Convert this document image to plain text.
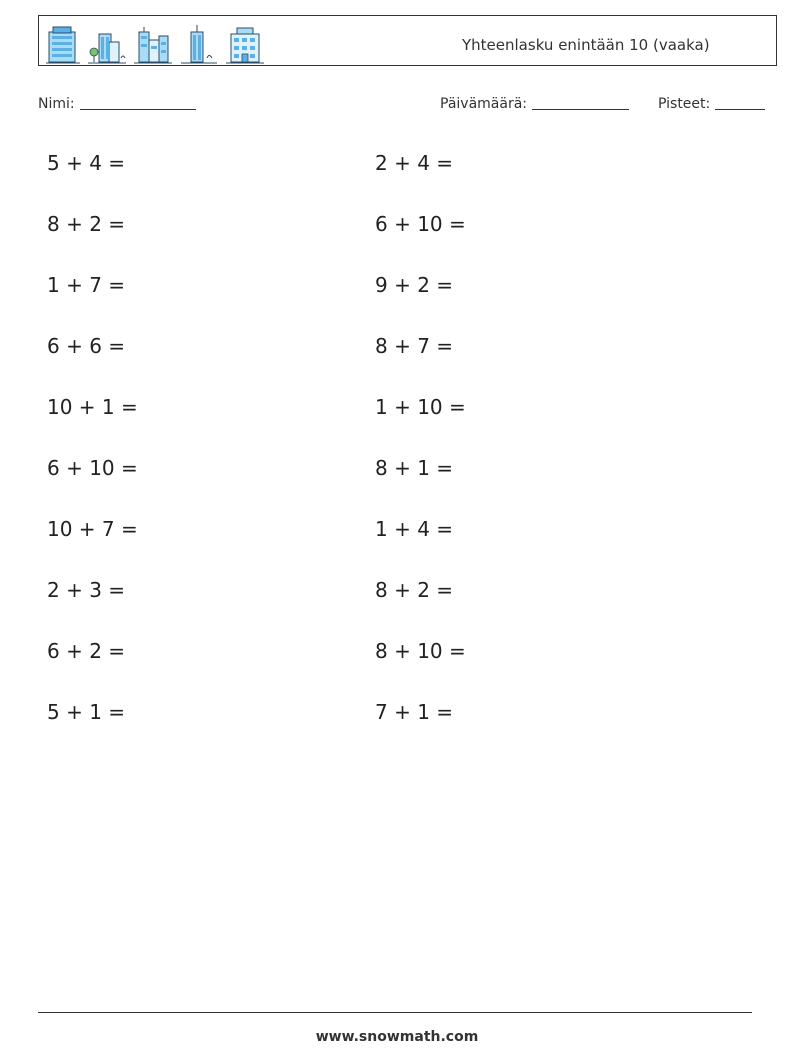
Yhteenlasku enintään 10 (vaaka)
Nimi:	Päivämäärä:	Pisteet:
5 + 4 =
8 + 2 =
1 + 7 =
6 + 6 =
10 + 1 =
6 + 10 =
10 + 7 =
2 + 3 =
6 + 2 =
5 + 1 =
2 + 4 =
6 + 10 =
9 + 2 =
8 + 7 =
1 + 10 =
8 + 1 =
1 + 4 =
8 + 2 =
8 + 10 =
7 + 1 =
www.snowmath.com
